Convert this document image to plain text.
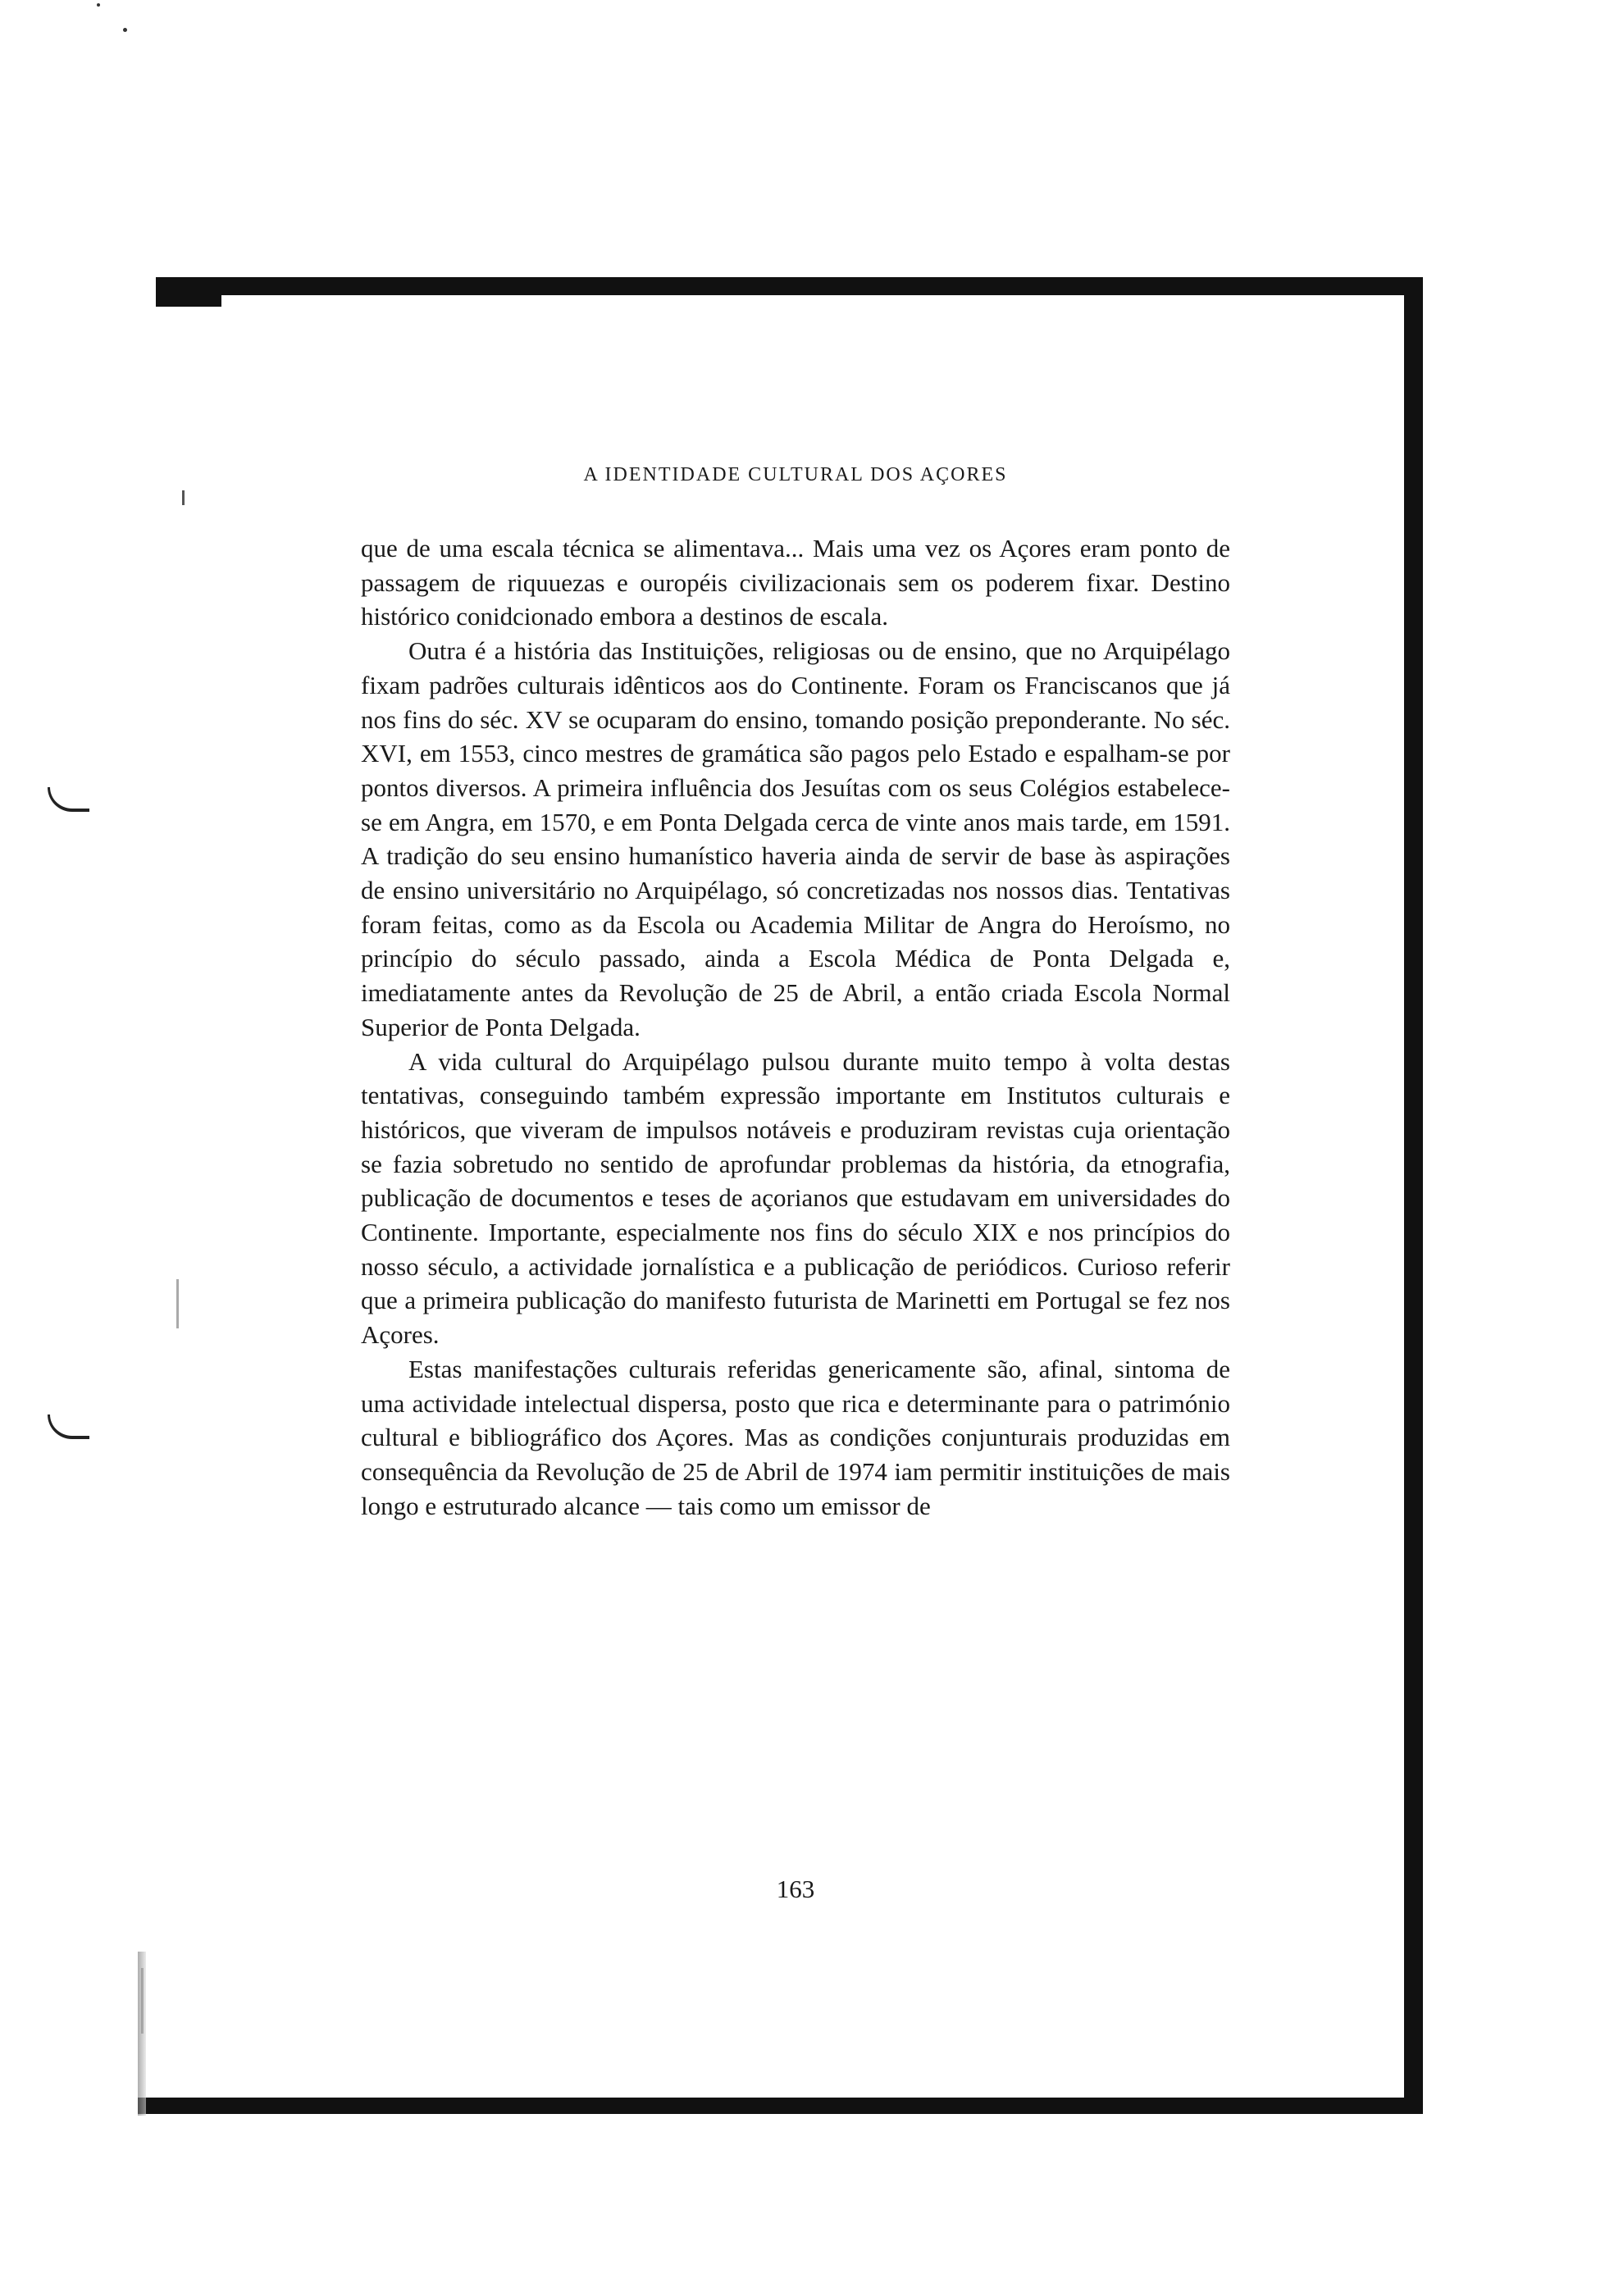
A IDENTIDADE CULTURAL DOS AÇORES

que de uma escala técnica se alimentava... Mais uma vez os Açores eram ponto de passagem de riquuezas e ouropéis civilizacionais sem os poderem fixar. Destino histórico conidcionado embora a destinos de escala.

Outra é a história das Instituições, religiosas ou de ensino, que no Arquipélago fixam padrões culturais idênticos aos do Continente. Foram os Franciscanos que já nos fins do séc. XV se ocuparam do ensino, tomando posição preponderante. No séc. XVI, em 1553, cinco mestres de gramática são pagos pelo Estado e espalham-se por pontos diversos. A primeira influência dos Jesuítas com os seus Colégios estabelece-se em Angra, em 1570, e em Ponta Delgada cerca de vinte anos mais tarde, em 1591. A tradição do seu ensino humanístico haveria ainda de servir de base às aspirações de ensino universitário no Arquipélago, só concretizadas nos nossos dias. Tentativas foram feitas, como as da Escola ou Academia Militar de Angra do Heroísmo, no princípio do século passado, ainda a Escola Médica de Ponta Delgada e, imediatamente antes da Revolução de 25 de Abril, a então criada Escola Normal Superior de Ponta Delgada.

A vida cultural do Arquipélago pulsou durante muito tempo à volta destas tentativas, conseguindo também expressão importante em Institutos culturais e históricos, que viveram de impulsos notáveis e produziram revistas cuja orientação se fazia sobretudo no sentido de aprofundar problemas da história, da etnografia, publicação de documentos e teses de açorianos que estudavam em universidades do Continente. Importante, especialmente nos fins do século XIX e nos princípios do nosso século, a actividade jornalística e a publicação de periódicos. Curioso referir que a primeira publicação do manifesto futurista de Marinetti em Portugal se fez nos Açores.

Estas manifestações culturais referidas genericamente são, afinal, sintoma de uma actividade intelectual dispersa, posto que rica e determinante para o património cultural e bibliográfico dos Açores. Mas as condições conjunturais produzidas em consequência da Revolução de 25 de Abril de 1974 iam permitir instituições de mais longo e estruturado alcance — tais como um emissor de

163
